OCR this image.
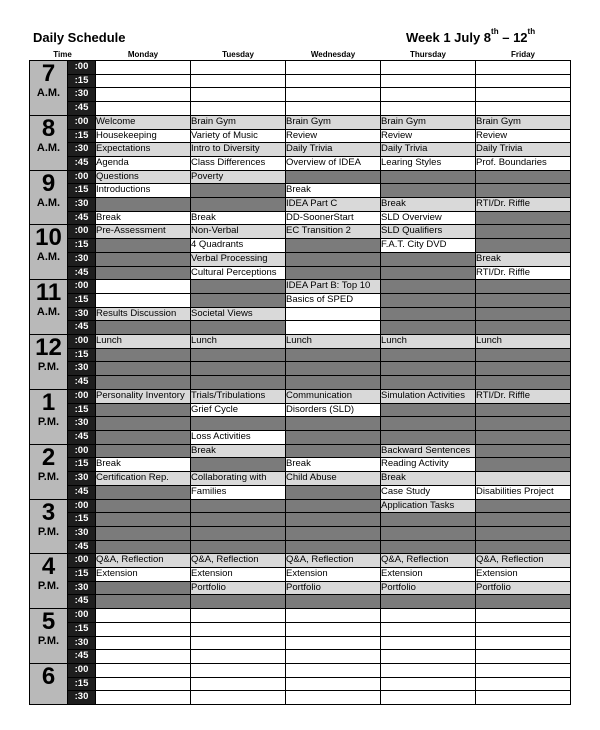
Daily Schedule	Week 1 July 8th – 12th
Time		Monday	Tuesday	Wednesday	Thursday	Friday

7
A.M.	:00					
	:15					
	:30					
	:45					

8
A.M.	:00	Welcome	Brain Gym	Brain Gym	Brain Gym	Brain Gym
	:15	Housekeeping	Variety of Music	Review	Review	Review
	:30	Expectations	Intro to Diversity	Daily Trivia	Daily Trivia	Daily Trivia
	:45	Agenda	Class Differences	Overview of IDEA	Learing Styles	Prof. Boundaries

9
A.M.	:00	Questions	Poverty			
	:15	Introductions		Break		
	:30			IDEA Part C	Break	RTI/Dr. Riffle
	:45	Break	Break	DD-SoonerStart	SLD Overview	

10
A.M.	:00	Pre-Assessment	Non-Verbal	EC Transition 2	SLD Qualifiers	
	:15		4 Quadrants		F.A.T. City DVD	
	:30		Verbal Processing			Break
	:45		Cultural Perceptions			RTI/Dr. Riffle

11
A.M.	:00			IDEA Part B: Top 10		
	:15			Basics of SPED		
	:30	Results Discussion	Societal Views			
	:45					

12
P.M.	:00	Lunch	Lunch	Lunch	Lunch	Lunch
	:15					
	:30					
	:45					

1
P.M.	:00	Personality Inventory	Trials/Tribulations	Communication	Simulation Activities	RTI/Dr. Riffle
	:15		Grief Cycle	Disorders (SLD)		
	:30					
	:45		Loss Activities			

2
P.M.	:00		Break		Backward Sentences	
	:15	Break		Break	Reading Activity	
	:30	Certification Rep.	Collaborating with	Child Abuse	Break	
	:45		Families		Case Study	Disabilities Project

3
P.M.	:00				Application Tasks	
	:15					
	:30					
	:45					

4
P.M.	:00	Q&A, Reflection	Q&A, Reflection	Q&A, Reflection	Q&A, Reflection	Q&A, Reflection
	:15	Extension	Extension	Extension	Extension	Extension
	:30		Portfolio	Portfolio	Portfolio	Portfolio
	:45					

5
P.M.	:00					
	:15					
	:30					
	:45					

6	:00					
	:15					
	:30					
